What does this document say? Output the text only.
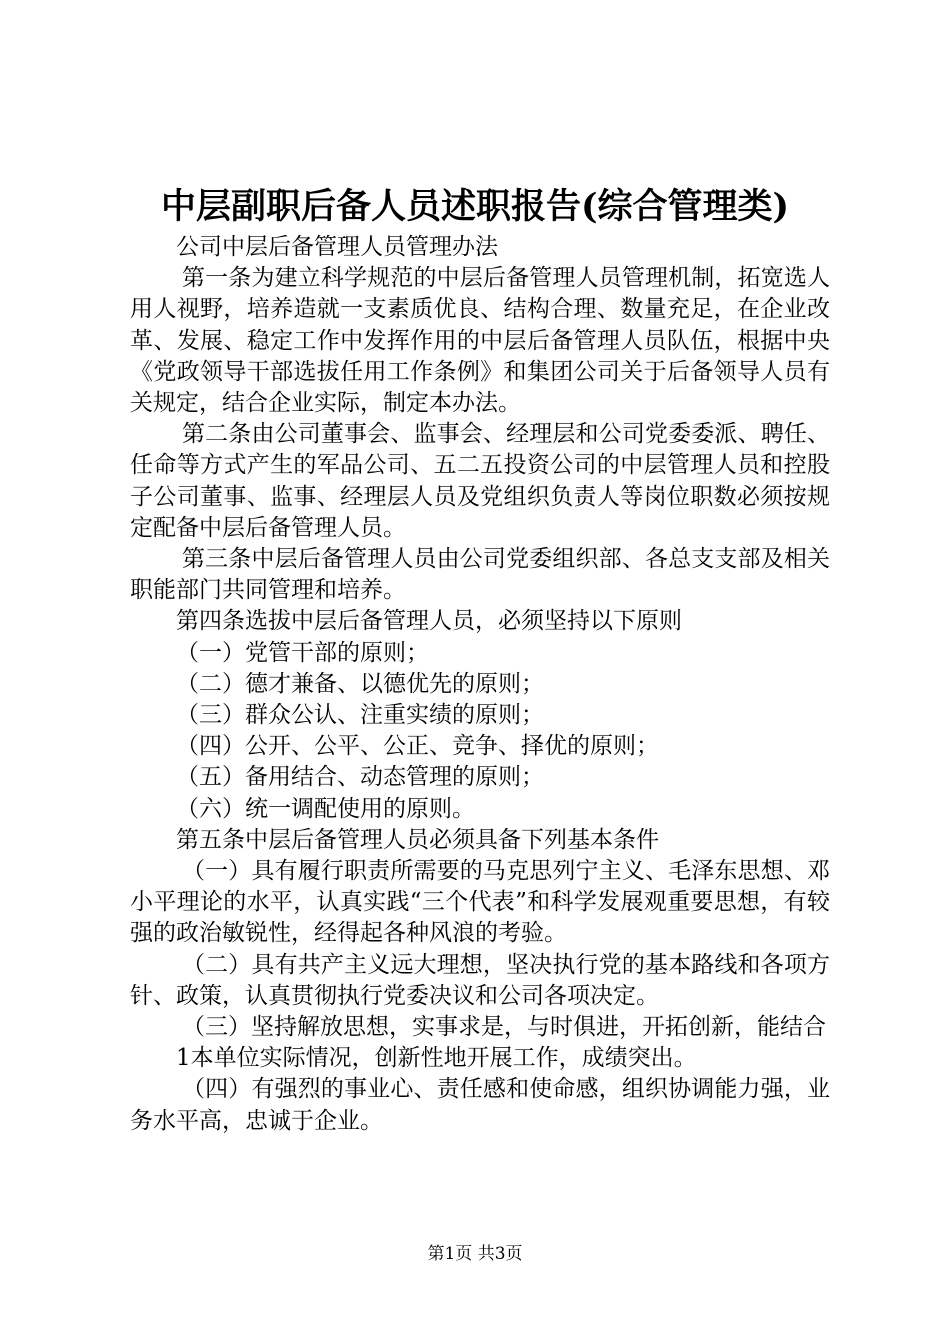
中层副职后备人员述职报告(综合管理类)

公司中层后备管理人员管理办法

第一条为建立科学规范的中层后备管理人员管理机制，拓宽选人用人视野，培养造就一支素质优良、结构合理、数量充足，在企业改革、发展、稳定工作中发挥作用的中层后备管理人员队伍，根据中央《党政领导干部选拔任用工作条例》和集团公司关于后备领导人员有关规定，结合企业实际，制定本办法。

第二条由公司董事会、监事会、经理层和公司党委委派、聘任、任命等方式产生的军品公司、五二五投资公司的中层管理人员和控股子公司董事、监事、经理层人员及党组织负责人等岗位职数必须按规定配备中层后备管理人员。

第三条中层后备管理人员由公司党委组织部、各总支支部及相关职能部门共同管理和培养。

第四条选拔中层后备管理人员，必须坚持以下原则

（一）党管干部的原则；

（二）德才兼备、以德优先的原则；

（三）群众公认、注重实绩的原则；

（四）公开、公平、公正、竞争、择优的原则；

（五）备用结合、动态管理的原则；

（六）统一调配使用的原则。

第五条中层后备管理人员必须具备下列基本条件

（一）具有履行职责所需要的马克思列宁主义、毛泽东思想、邓小平理论的水平，认真实践“三个代表”和科学发展观重要思想，有较强的政治敏锐性，经得起各种风浪的考验。

（二）具有共产主义远大理想，坚决执行党的基本路线和各项方针、政策，认真贯彻执行党委决议和公司各项决定。

（三）坚持解放思想，实事求是，与时俱进，开拓创新，能结合

1本单位实际情况，创新性地开展工作，成绩突出。

（四）有强烈的事业心、责任感和使命感，组织协调能力强，业务水平高，忠诚于企业。

第1页 共3页
